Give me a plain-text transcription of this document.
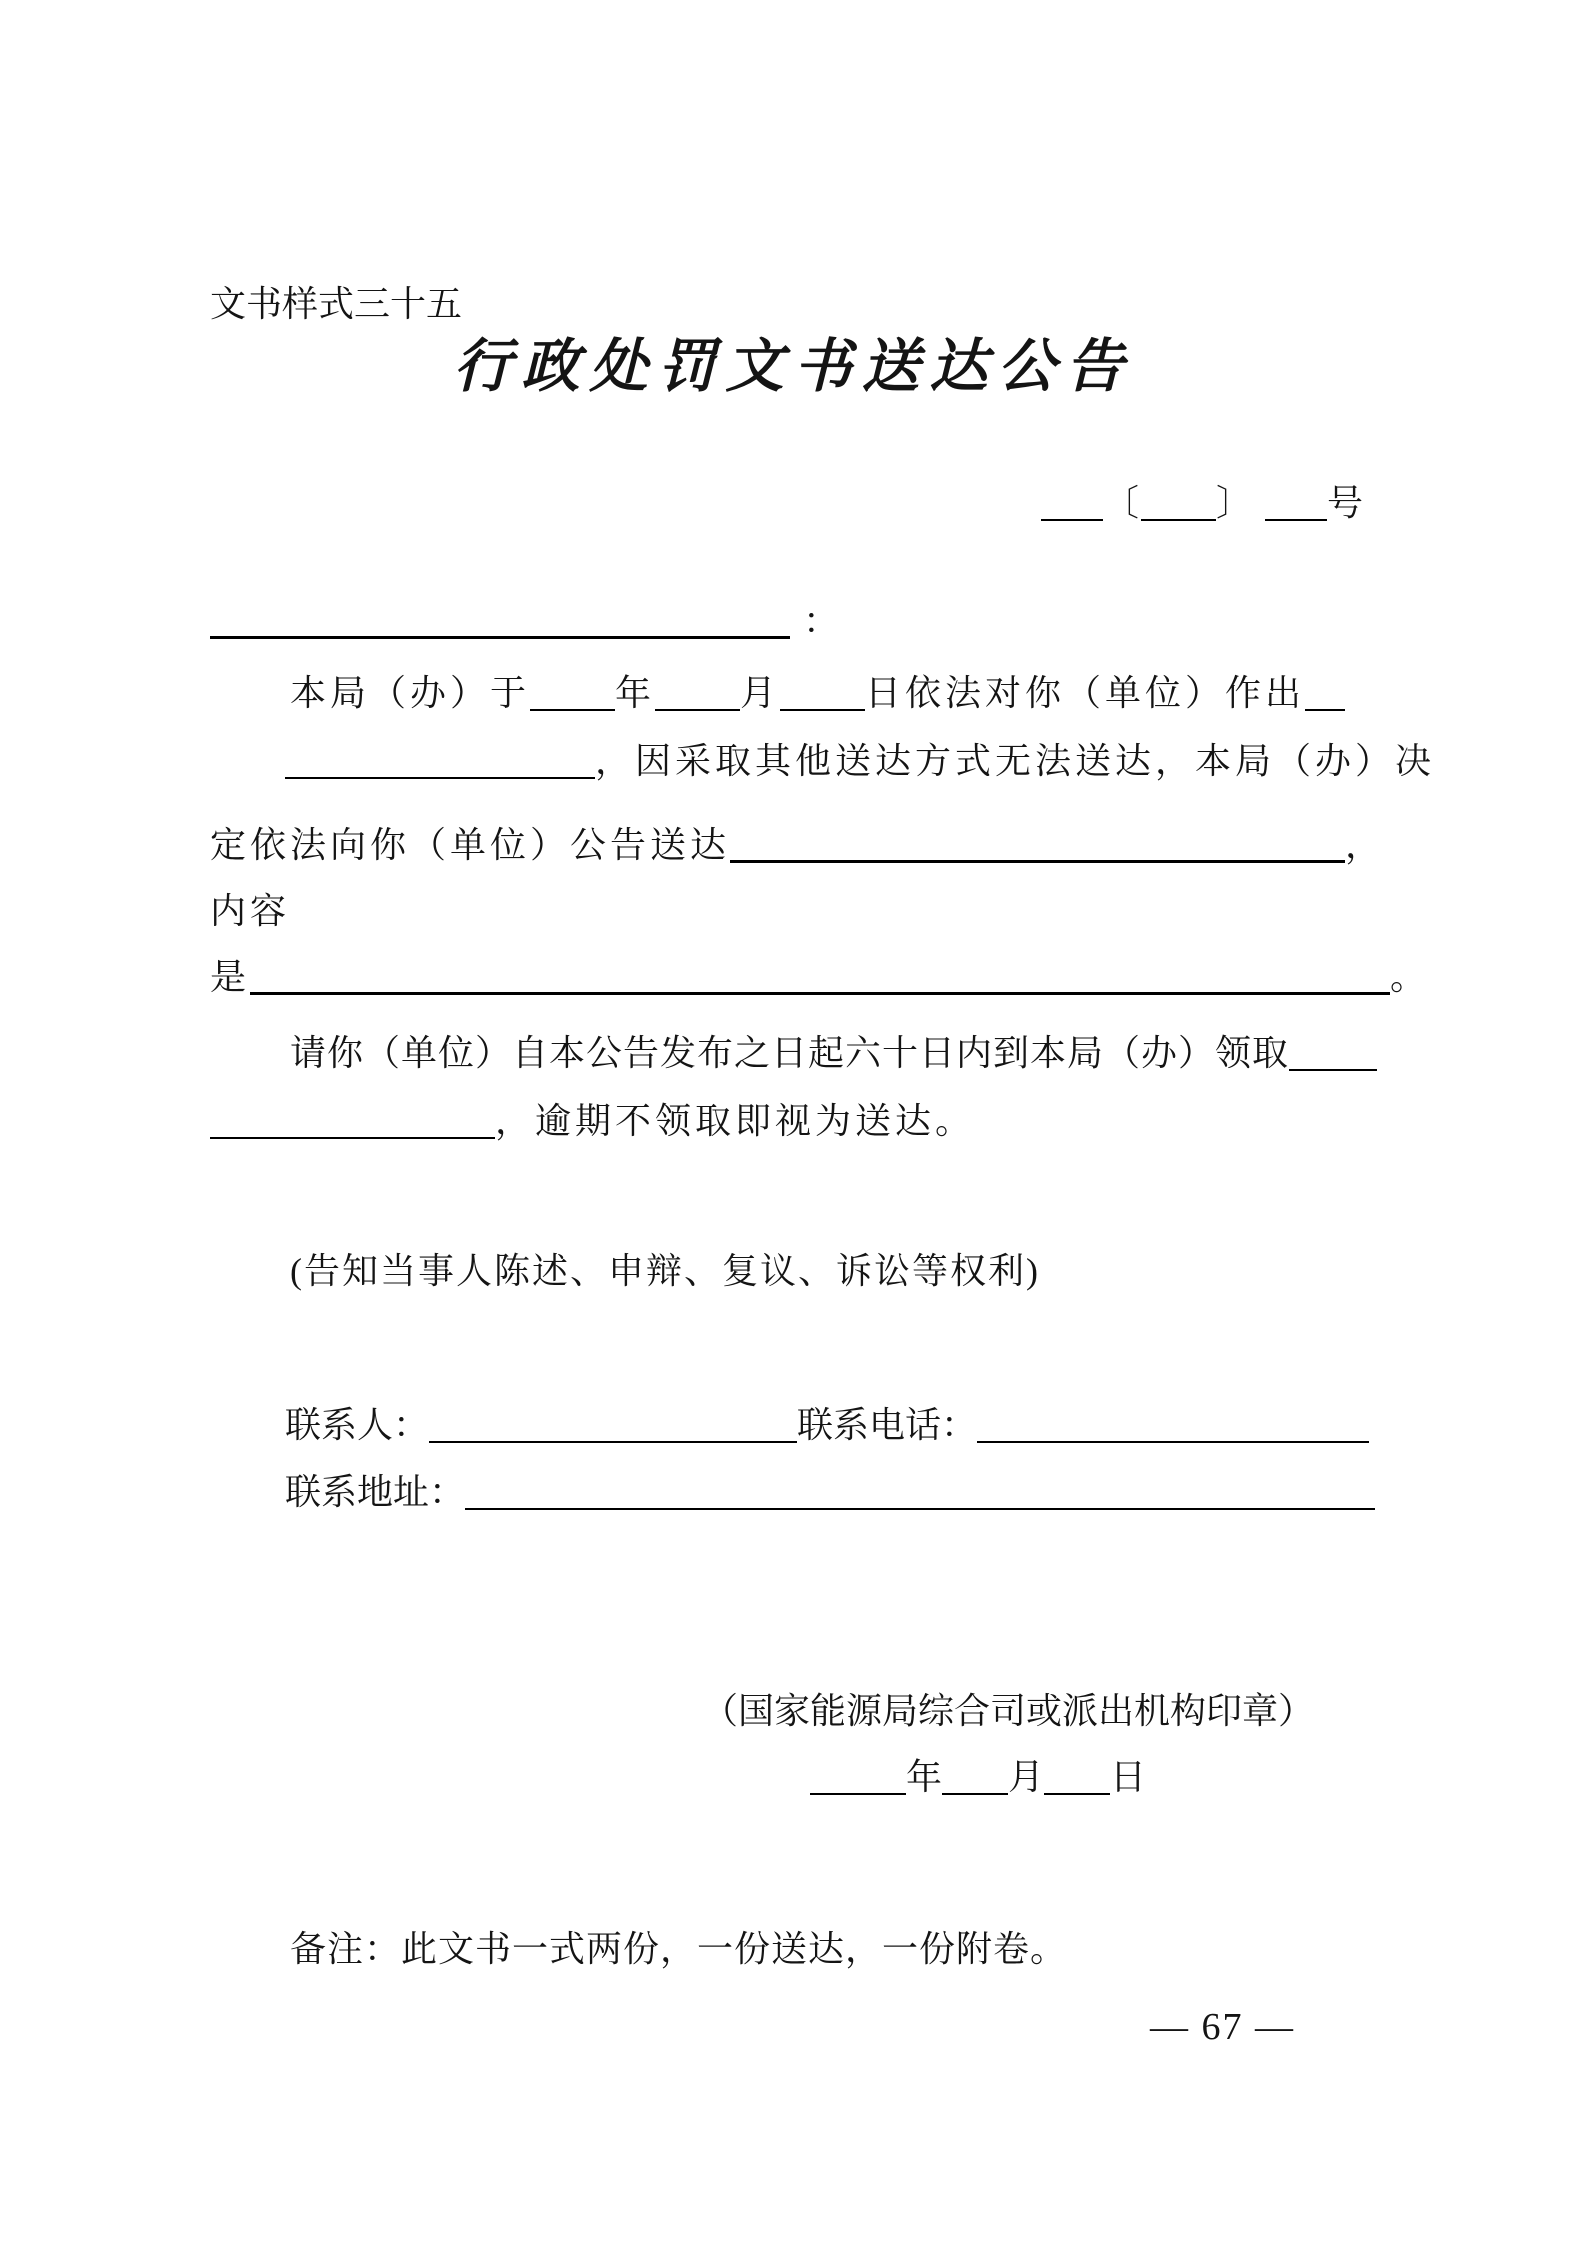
文书样式三十五
行政处罚文书送达公告
〔 〕 号
：
本局（办）于 年 月 日依法对你（单位）作出
，因采取其他送达方式无法送达，本局（办）决
定依法向你（单位）公告送达	，
内容
是	。
请你（单位）自本公告发布之日起六十日内到本局（办）领取
，逾期不领取即视为送达。
(告知当事人陈述、申辩、复议、诉讼等权利)
联系人：	联系电话：
联系地址：
（国家能源局综合司或派出机构印章）
年 月 日
备注：此文书一式两份，一份送达，一份附卷。
— 67 —
